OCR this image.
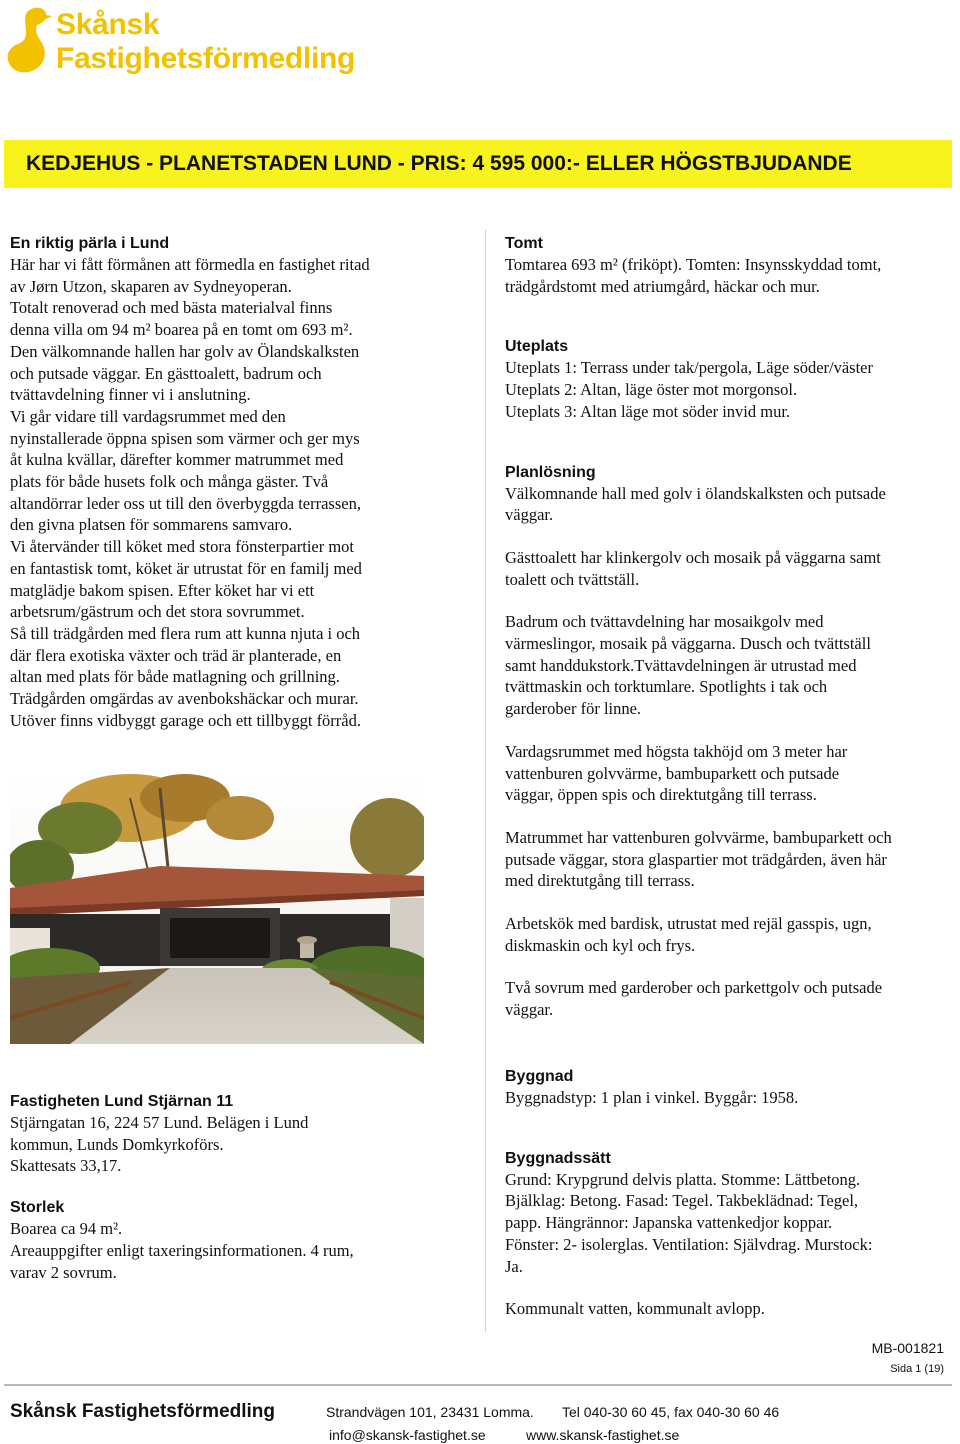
Skånsk
Fastighetsförmedling
KEDJEHUS - PLANETSTADEN LUND - PRIS: 4 595 000:- ELLER HÖGSTBJUDANDE

En riktig pärla i Lund

Här har vi fått förmånen att förmedla en fastighet ritad

av Jørn Utzon, skaparen av Sydneyoperan.

Totalt renoverad och med bästa materialval finns

denna villa om 94 m² boarea på en tomt om 693 m².

Den välkomnande hallen har golv av Ölandskalksten

och putsade väggar. En gästtoalett, badrum och

tvättavdelning finner vi i anslutning.

Vi går vidare till vardagsrummet med den

nyinstallerade öppna spisen som värmer och ger mys

åt kulna kvällar, därefter kommer matrummet med

plats för både husets folk och många gäster. Två

altandörrar leder oss ut till den överbyggda terrassen,

den givna platsen för sommarens samvaro.

Vi återvänder till köket med stora fönsterpartier mot

en fantastisk tomt, köket är utrustat för en familj med

matglädje bakom spisen. Efter köket har vi ett

arbetsrum/gästrum och det stora sovrummet.

Så till trädgården med flera rum att kunna njuta i och

där flera exotiska växter och träd är planterade, en

altan med plats för både matlagning och grillning.

Trädgården omgärdas av avenbokshäckar och murar.

Utöver finns vidbyggt garage och ett tillbyggt förråd.

Fastigheten Lund Stjärnan 11

Stjärngatan 16, 224 57 Lund. Belägen i Lund

kommun, Lunds Domkyrkoförs.

Skattesats 33,17.

Storlek

Boarea ca 94 m².

Areauppgifter enligt taxeringsinformationen. 4 rum,

varav 2 sovrum.

Tomt

Tomtarea 693 m² (friköpt). Tomten: Insynsskyddad tomt,

trädgårdstomt med atriumgård, häckar och mur.

Uteplats

Uteplats 1: Terrass under tak/pergola, Läge söder/väster

Uteplats 2: Altan, läge öster mot morgonsol.

Uteplats 3: Altan läge mot söder invid mur.

Planlösning

Välkomnande hall med golv i ölandskalksten och putsade

väggar.

Gästtoalett har klinkergolv och mosaik på väggarna samt

toalett och tvättställ.

Badrum och tvättavdelning har mosaikgolv med

värmeslingor, mosaik på väggarna. Dusch och tvättställ

samt handdukstork.Tvättavdelningen är utrustad med

tvättmaskin och torktumlare. Spotlights i tak och

garderober för linne.

Vardagsrummet med högsta takhöjd om 3 meter har

vattenburen golvvärme, bambuparkett och putsade

väggar, öppen spis och direktutgång till terrass.

Matrummet har vattenburen golvvärme, bambuparkett och

putsade väggar, stora glaspartier mot trädgården, även här

med direktutgång till terrass.

Arbetskök med bardisk, utrustat med rejäl gasspis, ugn,

diskmaskin och kyl och frys.

Två sovrum med garderober och parkettgolv och putsade

väggar.

Byggnad

Byggnadstyp: 1 plan i vinkel. Byggår: 1958.

Byggnadssätt

Grund: Krypgrund delvis platta. Stomme: Lättbetong.

Bjälklag: Betong. Fasad: Tegel. Takbeklädnad: Tegel,

papp. Hängrännor: Japanska vattenkedjor koppar.

Fönster: 2- isolerglas. Ventilation: Självdrag. Murstock:

Ja.

Kommunalt vatten, kommunalt avlopp.

MB-001821
Sida 1 (19)
Skånsk Fastighetsförmedling	Strandvägen 101, 23431 Lomma. Tel 040-30 60 45, fax 040-30 60 46
info@skansk-fastighet.se	www.skansk-fastighet.se
